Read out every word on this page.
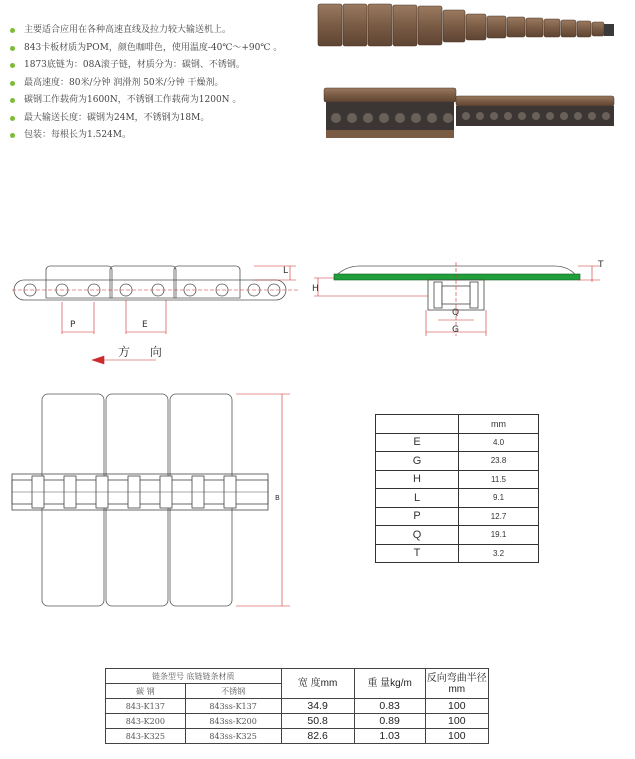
主要适合应用在各种高速直线及拉力较大输送机上。
843卡板材质为POM，颜色咖啡色，使用温度-40℃～+90℃ 。
1873底链为：08A滚子链，材质分为：碳钢、不锈钢。
最高速度：80米/分钟 润滑剂 50米/分钟 干燥剂。
碳钢工作载荷为1600N，不锈钢工作载荷为1200N 。
最大输送长度：碳钢为24M，不锈钢为18M。
包装：每根长为1.524M。
P	E
L
方 向
H
T
Q
G
B
	mm
E	4.0
G	23.8
H	11.5
L	9.1
P	12.7
Q	19.1
T	3.2
链条型号 底链链条材质		宽 度mm	重 量kg/m	反向弯曲半径
mm
碳 钢	不锈钢			
843-K137	843ss-K137	34.9	0.83	100
843-K200	843ss-K200	50.8	0.89	100
843-K325	843ss-K325	82.6	1.03	100
